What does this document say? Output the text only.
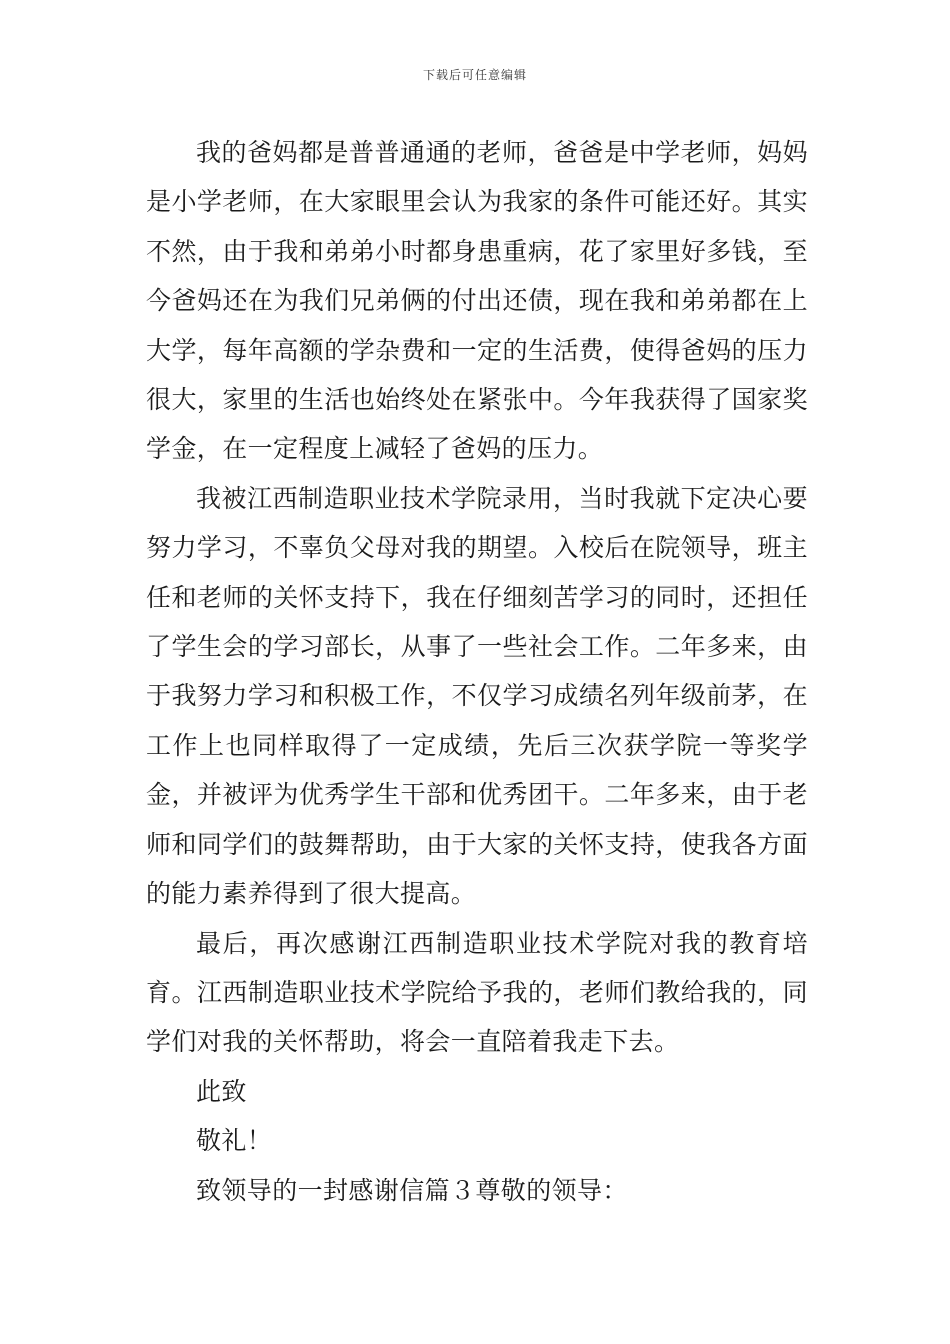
下载后可任意编辑

我的爸妈都是普普通通的老师，爸爸是中学老师，妈妈是小学老师，在大家眼里会认为我家的条件可能还好。其实不然，由于我和弟弟小时都身患重病，花了家里好多钱，至今爸妈还在为我们兄弟俩的付出还债，现在我和弟弟都在上大学，每年高额的学杂费和一定的生活费，使得爸妈的压力很大，家里的生活也始终处在紧张中。今年我获得了国家奖学金，在一定程度上减轻了爸妈的压力。

我被江西制造职业技术学院录用，当时我就下定决心要努力学习，不辜负父母对我的期望。入校后在院领导，班主任和老师的关怀支持下，我在仔细刻苦学习的同时，还担任了学生会的学习部长，从事了一些社会工作。二年多来，由于我努力学习和积极工作，不仅学习成绩名列年级前茅，在工作上也同样取得了一定成绩，先后三次获学院一等奖学金，并被评为优秀学生干部和优秀团干。二年多来，由于老师和同学们的鼓舞帮助，由于大家的关怀支持，使我各方面的能力素养得到了很大提高。

最后，再次感谢江西制造职业技术学院对我的教育培育。江西制造职业技术学院给予我的，老师们教给我的，同学们对我的关怀帮助，将会一直陪着我走下去。

此致

敬礼！

致领导的一封感谢信篇３尊敬的领导：
